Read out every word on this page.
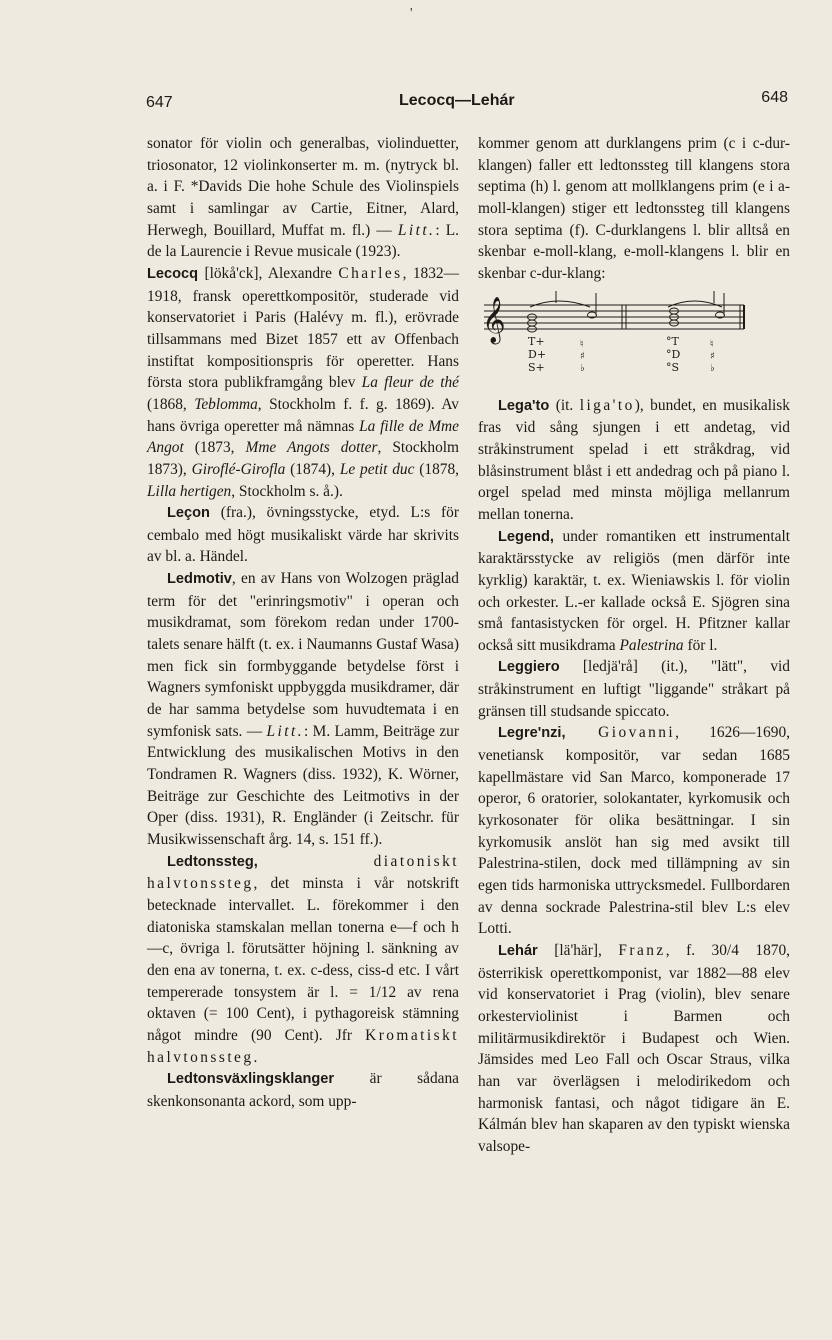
'
647	Lecocq—Lehár	648

sonator för violin och generalbas, violinduetter, triosonator, 12 violinkonserter m. m. (nytryck bl. a. i F. *Davids Die hohe Schule des Violinspiels samt i samlingar av Cartie, Eitner, Alard, Herwegh, Bouillard, Muffat m. fl.) — Litt.: L. de la Laurencie i Revue musicale (1923).

Lecocq [lökå'ck], Alexandre Charles, 1832—1918, fransk operettkompositör, studerade vid konservatoriet i Paris (Halévy m. fl.), erövrade tillsammans med Bizet 1857 ett av Offenbach instiftat kompositionspris för operetter. Hans första stora publikframgång blev La fleur de thé (1868, Teblomma, Stockholm f. f. g. 1869). Av hans övriga operetter må nämnas La fille de Mme Angot (1873, Mme Angots dotter, Stockholm 1873), Giroflé-Girofla (1874), Le petit duc (1878, Lilla hertigen, Stockholm s. å.).

Leçon (fra.), övningsstycke, etyd. L:s för cembalo med högt musikaliskt värde har skrivits av bl. a. Händel.

Ledmotiv, en av Hans von Wolzogen präglad term för det "erinringsmotiv" i operan och musikdramat, som förekom redan under 1700-talets senare hälft (t. ex. i Naumanns Gustaf Wasa) men fick sin formbyggande betydelse först i Wagners symfoniskt uppbyggda musikdramer, där de har samma betydelse som huvudtemata i en symfonisk sats. — Litt.: M. Lamm, Beiträge zur Entwicklung des musikalischen Motivs in den Tondramen R. Wagners (diss. 1932), K. Wörner, Beiträge zur Geschichte des Leitmotivs in der Oper (diss. 1931), R. Engländer (i Zeitschr. für Musikwissenschaft årg. 14, s. 151 ff.).

Ledtonssteg, diatoniskt halvtonssteg, det minsta i vår notskrift betecknade intervallet. L. förekommer i den diatoniska stamskalan mellan tonerna e—f och h—c, övriga l. förutsätter höjning l. sänkning av den ena av tonerna, t. ex. c-dess, ciss-d etc. I vårt tempererade tonsystem är l. = 1/12 av rena oktaven (= 100 Cent), i pythagoreisk stämning något mindre (90 Cent). Jfr Kromatiskt halvtonssteg.

Ledtonsväxlingsklanger är sådana skenkonsonanta ackord, som upp-

kommer genom att durklangens prim (c i c-dur-klangen) faller ett ledtonssteg till klangens stora septima (h) l. genom att mollklangens prim (e i a-moll-klangen) stiger ett ledtonssteg till klangens stora septima (f). C-durklangens l. blir alltså en skenbar e-moll-klang, e-moll-klangens l. blir en skenbar c-dur-klang:

𝄞
♮
♯
♭
♮
♯
♭
T+
D+
S+
°T
°D
°S

Lega'to (it. liga'to), bundet, en musikalisk fras vid sång sjungen i ett andetag, vid stråkinstrument spelad i ett stråkdrag, vid blåsinstrument blåst i ett andedrag och på piano l. orgel spelad med minsta möjliga mellanrum mellan tonerna.

Legend, under romantiken ett instrumentalt karaktärsstycke av religiös (men därför inte kyrklig) karaktär, t. ex. Wieniawskis l. för violin och orkester. L.-er kallade också E. Sjögren sina små fantasistycken för orgel. H. Pfitzner kallar också sitt musikdrama Palestrina för l.

Leggiero [ledjä'rå] (it.), "lätt", vid stråkinstrument en luftigt "liggande" stråkart på gränsen till studsande spiccato.

Legre'nzi, Giovanni, 1626—1690, venetiansk kompositör, var sedan 1685 kapellmästare vid San Marco, komponerade 17 operor, 6 oratorier, solokantater, kyrkomusik och kyrkosonater för olika besättningar. I sin kyrkomusik anslöt han sig med avsikt till Palestrina-stilen, dock med tillämpning av sin egen tids harmoniska uttrycksmedel. Fullbordaren av denna sockrade Palestrina-stil blev L:s elev Lotti.

Lehár [lä'här], Franz, f. 30/4 1870, österrikisk operettkomponist, var 1882—88 elev vid konservatoriet i Prag (violin), blev senare orkesterviolinist i Barmen och militärmusikdirektör i Budapest och Wien. Jämsides med Leo Fall och Oscar Straus, vilka han var överlägsen i melodirikedom och harmonisk fantasi, och något tidigare än E. Kálmán blev han skaparen av den typiskt wienska valsope-
